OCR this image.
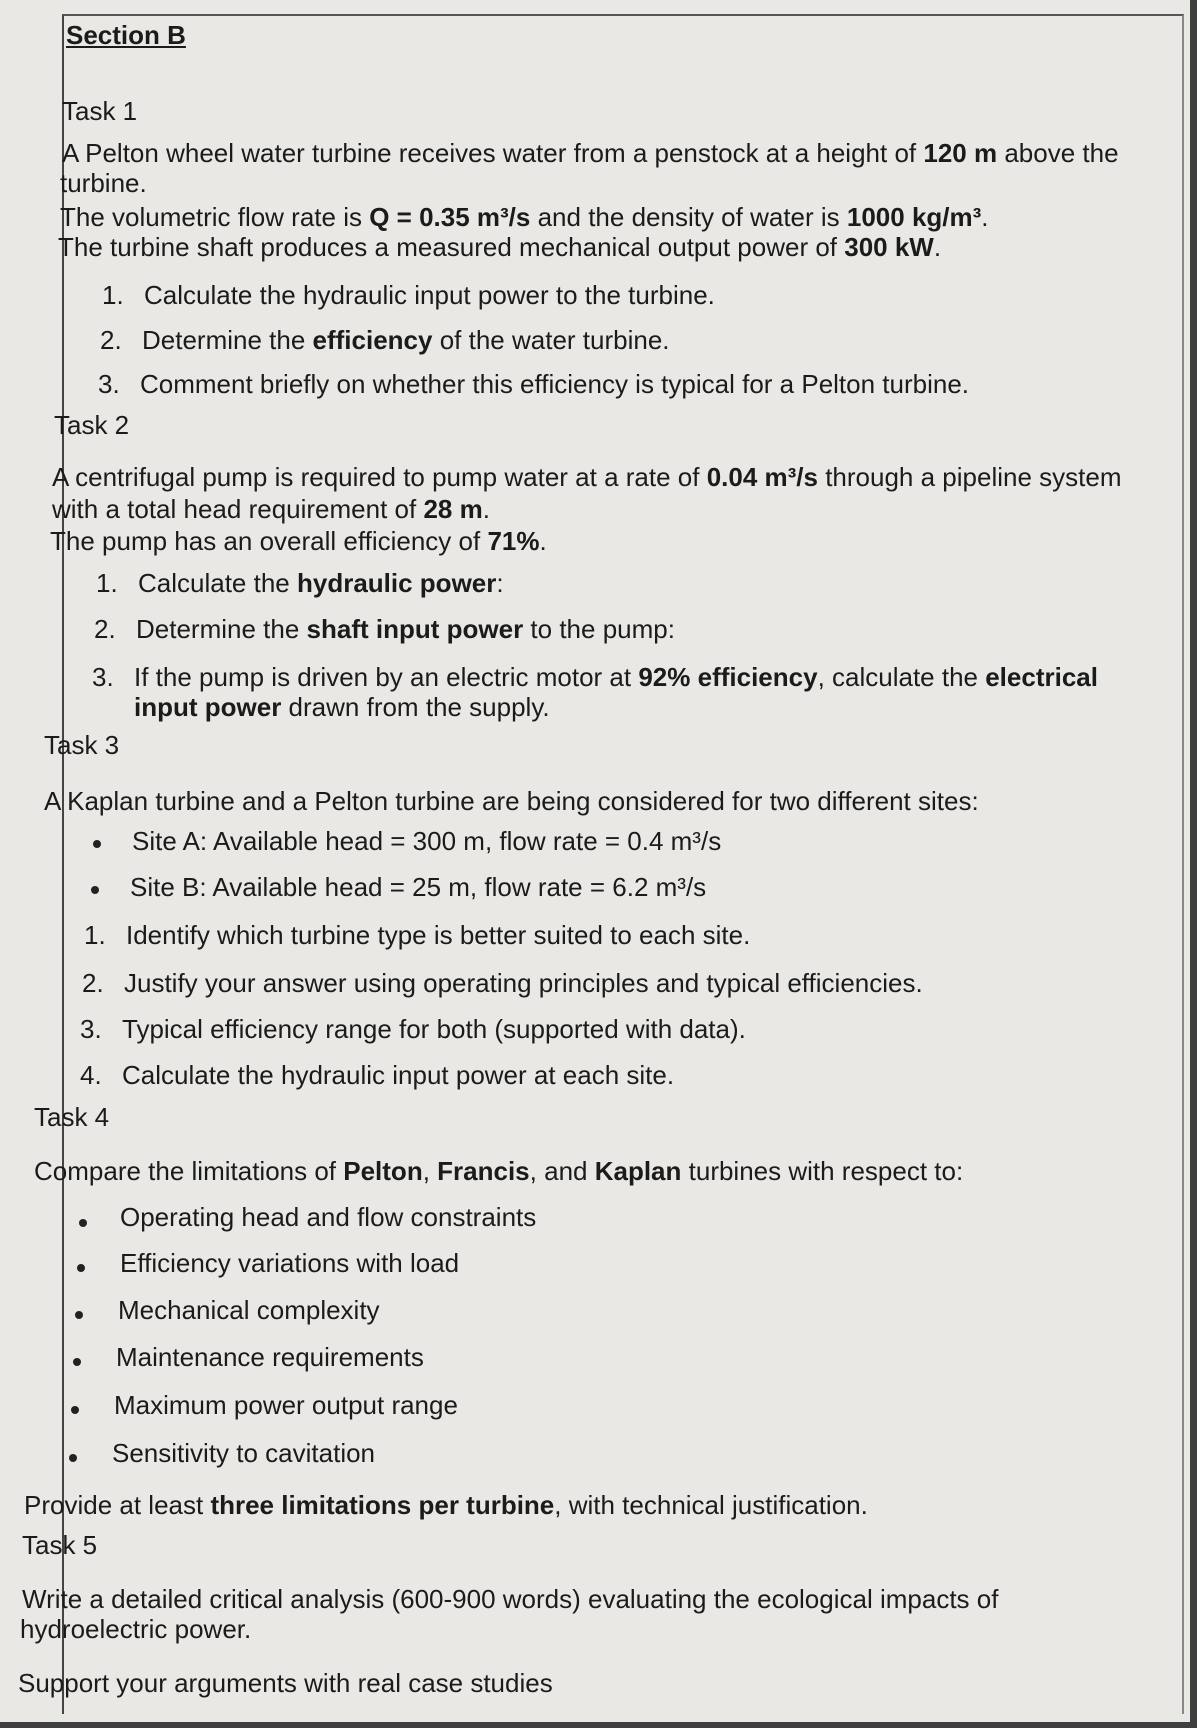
Section B
Task 1
A Pelton wheel water turbine receives water from a penstock at a height of 120 m above the
turbine.
The volumetric flow rate is Q = 0.35 m³/s and the density of water is 1000 kg/m³.
The turbine shaft produces a measured mechanical output power of 300 kW.
1. Calculate the hydraulic input power to the turbine.
2. Determine the efficiency of the water turbine.
3. Comment briefly on whether this efficiency is typical for a Pelton turbine.
Task 2
A centrifugal pump is required to pump water at a rate of 0.04 m³/s through a pipeline system
with a total head requirement of 28 m.
The pump has an overall efficiency of 71%.
1. Calculate the hydraulic power:
2. Determine the shaft input power to the pump:
3. If the pump is driven by an electric motor at 92% efficiency, calculate the electrical
input power drawn from the supply.
Task 3
A Kaplan turbine and a Pelton turbine are being considered for two different sites:
Site A: Available head = 300 m, flow rate = 0.4 m³/s
Site B: Available head = 25 m, flow rate = 6.2 m³/s
1. Identify which turbine type is better suited to each site.
2. Justify your answer using operating principles and typical efficiencies.
3. Typical efficiency range for both (supported with data).
4. Calculate the hydraulic input power at each site.
Task 4
Compare the limitations of Pelton, Francis, and Kaplan turbines with respect to:
Operating head and flow constraints
Efficiency variations with load
Mechanical complexity
Maintenance requirements
Maximum power output range
Sensitivity to cavitation
Provide at least three limitations per turbine, with technical justification.
Task 5
Write a detailed critical analysis (600-900 words) evaluating the ecological impacts of
hydroelectric power.
Support your arguments with real case studies
